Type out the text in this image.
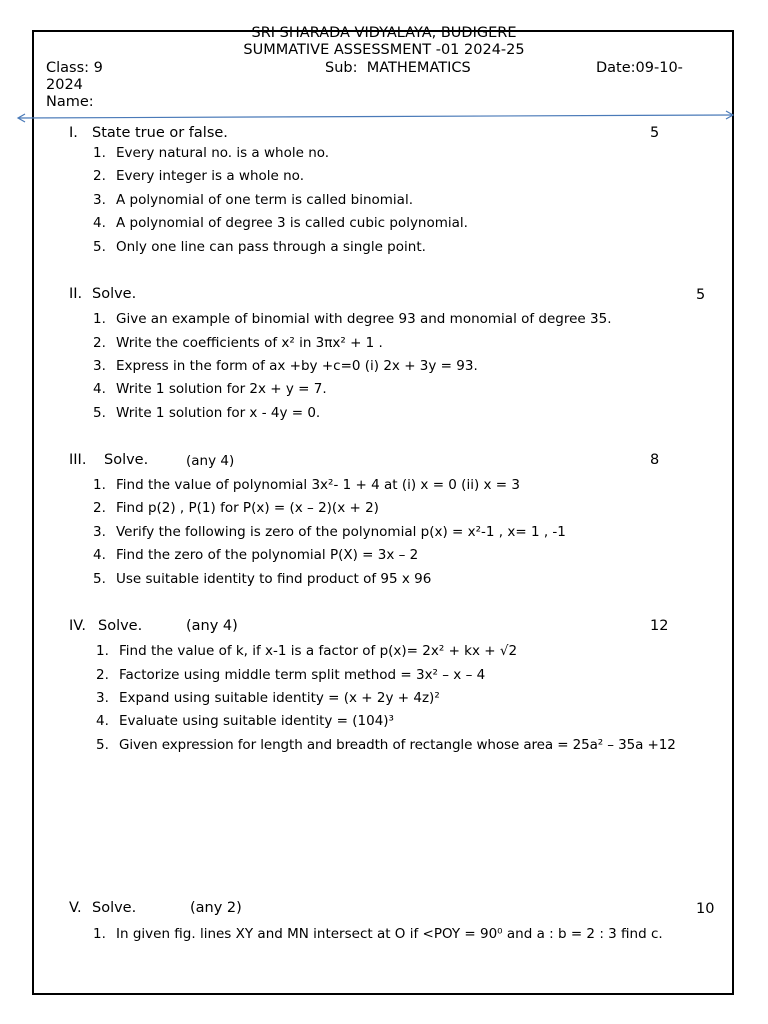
SRI SHARADA VIDYALAYA, BUDIGERE
SUMMATIVE ASSESSMENT -01 2024-25
Class: 9	Sub:  MATHEMATICS	Date:09-10-
2024
Name:
I. State true or false.	5
1. Every natural no. is a whole no.
2. Every integer is a whole no.
3. A polynomial of one term is called binomial.
4. A polynomial of degree 3 is called cubic polynomial.
5. Only one line can pass through a single point.
II. Solve.	5
1. Give an example of binomial with degree 93 and monomial of degree 35.
2. Write the coefficients of x² in 3πx² + 1 .
3. Express in the form of ax +by +c=0 (i) 2x + 3y = 93.
4. Write 1 solution for 2x + y = 7.
5. Write 1 solution for x - 4y = 0.
III. Solve.	(any 4)	8
1. Find the value of polynomial 3x²- 1 + 4 at (i) x = 0 (ii) x = 3
2. Find p(2) , P(1) for P(x) = (x – 2)(x + 2)
3. Verify the following is zero of the polynomial p(x) = x²-1 , x= 1 , -1
4. Find the zero of the polynomial P(X) = 3x – 2
5. Use suitable identity to find product of 95 x 96
IV. Solve.	(any 4)	12
1. Find the value of k, if x-1 is a factor of p(x)= 2x² + kx + √2
2. Factorize using middle term split method = 3x² – x – 4
3. Expand using suitable identity = (x + 2y + 4z)²
4. Evaluate using suitable identity = (104)³
5. Given expression for length and breadth of rectangle whose area = 25a² – 35a +12
V. Solve.	(any 2)	10
1. In given fig. lines XY and MN intersect at O if <POY = 90⁰ and a : b = 2 : 3 find c.
